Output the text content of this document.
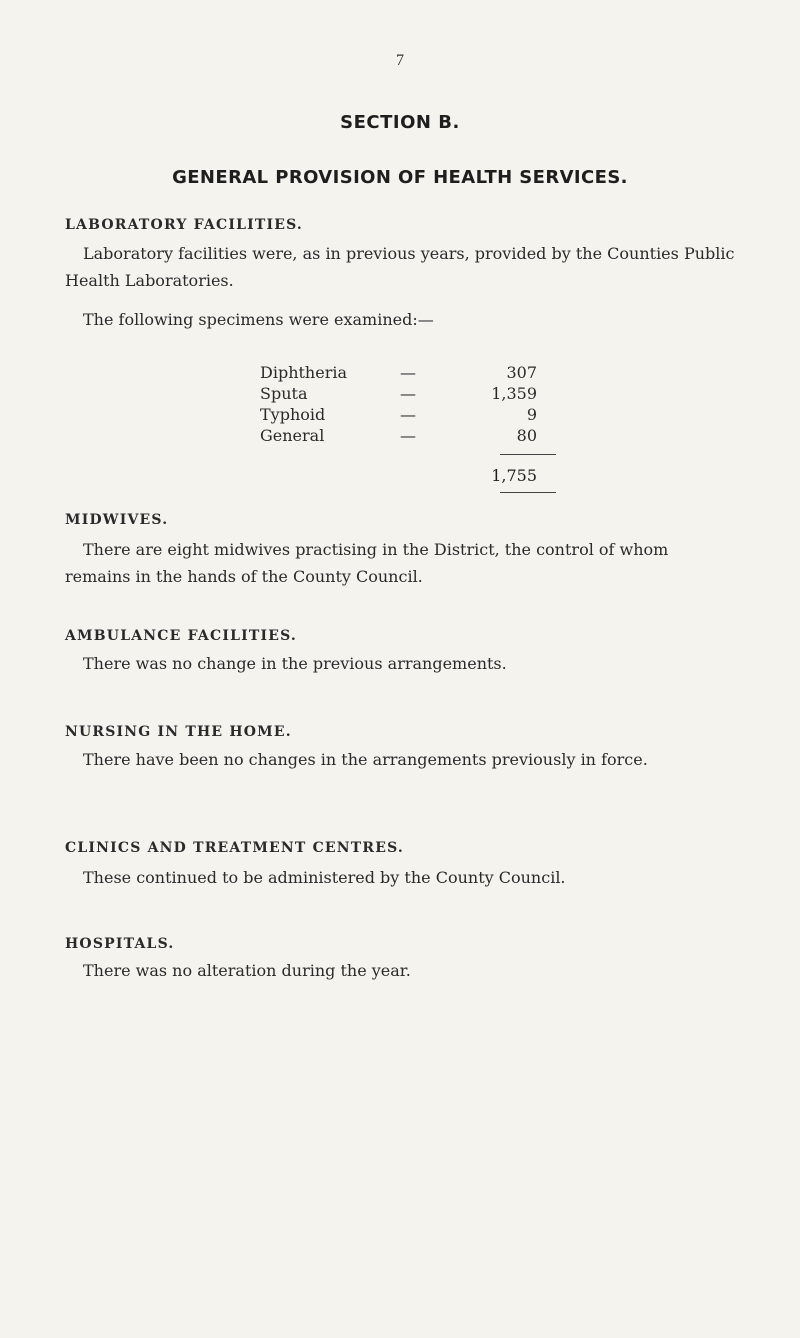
7
SECTION B.
GENERAL PROVISION OF HEALTH SERVICES.
LABORATORY FACILITIES.
Laboratory facilities were, as in previous years, provided by the Counties Public Health Laboratories.
The following specimens were examined:—
Diphtheria	—	307
Sputa	—	1,359
Typhoid	—	9
General	—	80
1,755
MIDWIVES.
There are eight midwives practising in the District, the control of whom remains in the hands of the County Council.
AMBULANCE FACILITIES.
There was no change in the previous arrangements.
NURSING IN THE HOME.
There have been no changes in the arrangements previously in force.
CLINICS AND TREATMENT CENTRES.
These continued to be administered by the County Council.
HOSPITALS.
There was no alteration during the year.
